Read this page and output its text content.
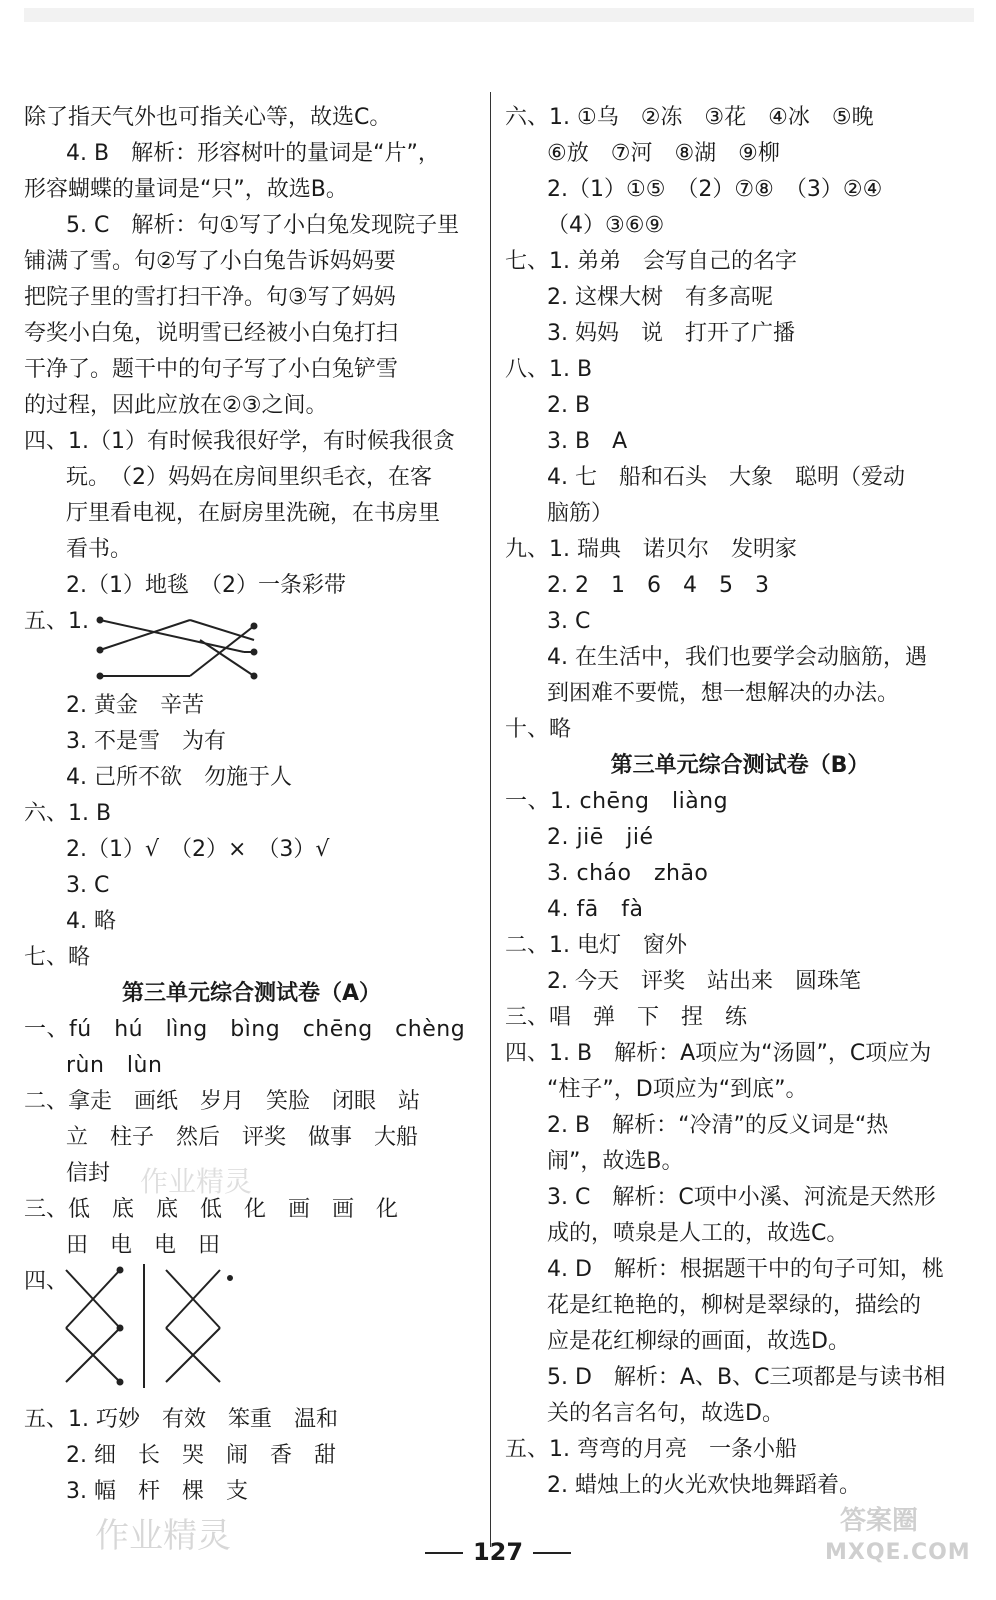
除了指天气外也可指关心等，故选C。
4. B　解析：形容树叶的量词是“片”，
形容蝴蝶的量词是“只”，故选B。
5. C　解析：句①写了小白兔发现院子里
铺满了雪。句②写了小白兔告诉妈妈要
把院子里的雪打扫干净。句③写了妈妈
夸奖小白兔，说明雪已经被小白兔打扫
干净了。题干中的句子写了小白兔铲雪
的过程，因此应放在②③之间。
四、1.（1）有时候我很好学，有时候我很贪
玩。　（2）妈妈在房间里织毛衣，在客
厅里看电视，在厨房里洗碗，在书房里
看书。
2.（1）地毯　（2）一条彩带
五、1.
2. 黄金　辛苦
3. 不是雪　为有
4. 己所不欲　勿施于人
六、1. B
2.（1）√　（2）×　（3）√
3. C
4. 略
七、略
第三单元综合测试卷（A）
一、fú　hú　lìng　bìng　chēng　chèng
rùn　lùn
二、拿走　画纸　岁月　笑脸　闭眼　站
立　柱子　然后　评奖　做事　大船
信封
三、低　底　底　低　化　画　画　化
田　电　电　田
四、
五、1. 巧妙　有效　笨重　温和
2. 细　长　哭　闹　香　甜
3. 幅　杆　棵　支
六、1. ①乌　②冻　③花　④冰　⑤晚
⑥放　⑦河　⑧湖　⑨柳
2.（1）①⑤　（2）⑦⑧　（3）②④
（4）③⑥⑨
七、1. 弟弟　会写自己的名字
2. 这棵大树　有多高呢
3. 妈妈　说　打开了广播
八、1. B
2. B
3. B　A
4. 七　船和石头　大象　聪明（爱动
脑筋）
九、1. 瑞典　诺贝尔　发明家
2. 2　1　6　4　5　3
3. C
4. 在生活中，我们也要学会动脑筋，遇
到困难不要慌，想一想解决的办法。
十、略
第三单元综合测试卷（B）
一、1. chēng　liàng
2. jiē　jié
3. cháo　zhāo
4. fā　fà
二、1. 电灯　窗外
2. 今天　评奖　站出来　圆珠笔
三、唱　弹　下　捏　练
四、1. B　解析：A项应为“汤圆”，C项应为
“柱子”，D项应为“到底”。
2. B　解析：“冷清”的反义词是“热
闹”，故选B。
3. C　解析：C项中小溪、河流是天然形
成的，喷泉是人工的，故选C。
4. D　解析：根据题干中的句子可知，桃
花是红艳艳的，柳树是翠绿的，描绘的
应是花红柳绿的画面，故选D。
5. D　解析：A、B、C三项都是与读书相
关的名言名句，故选D。
五、1. 弯弯的月亮　一条小船
2. 蜡烛上的火光欢快地舞蹈着。
作业精灵
作业精灵	答案圈
MXQE.COM
127
